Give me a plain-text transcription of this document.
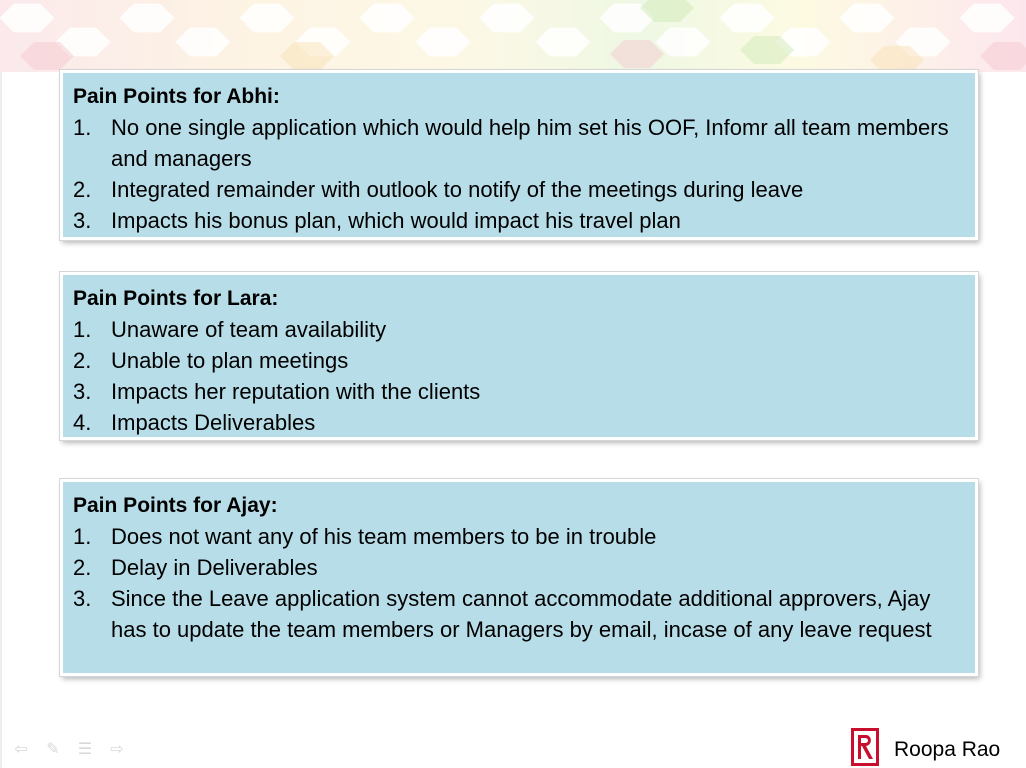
Pain Points for Abhi:
1. No one single application which would help him set his OOF, Infomr all team members and managers
2. Integrated remainder with outlook to notify of the meetings during leave
3. Impacts his bonus plan, which would impact his travel plan
Pain Points for Lara:
1. Unaware of team availability
2. Unable to plan meetings
3. Impacts her reputation with the clients
4. Impacts Deliverables
Pain Points for Ajay:
1. Does not want any of his team members to be in trouble
2. Delay in Deliverables
3. Since the Leave application system cannot accommodate additional approvers, Ajay has to update the team members or Managers by email, incase of any leave request
⇦ ✎ ☰ ⇨	Roopa Rao
